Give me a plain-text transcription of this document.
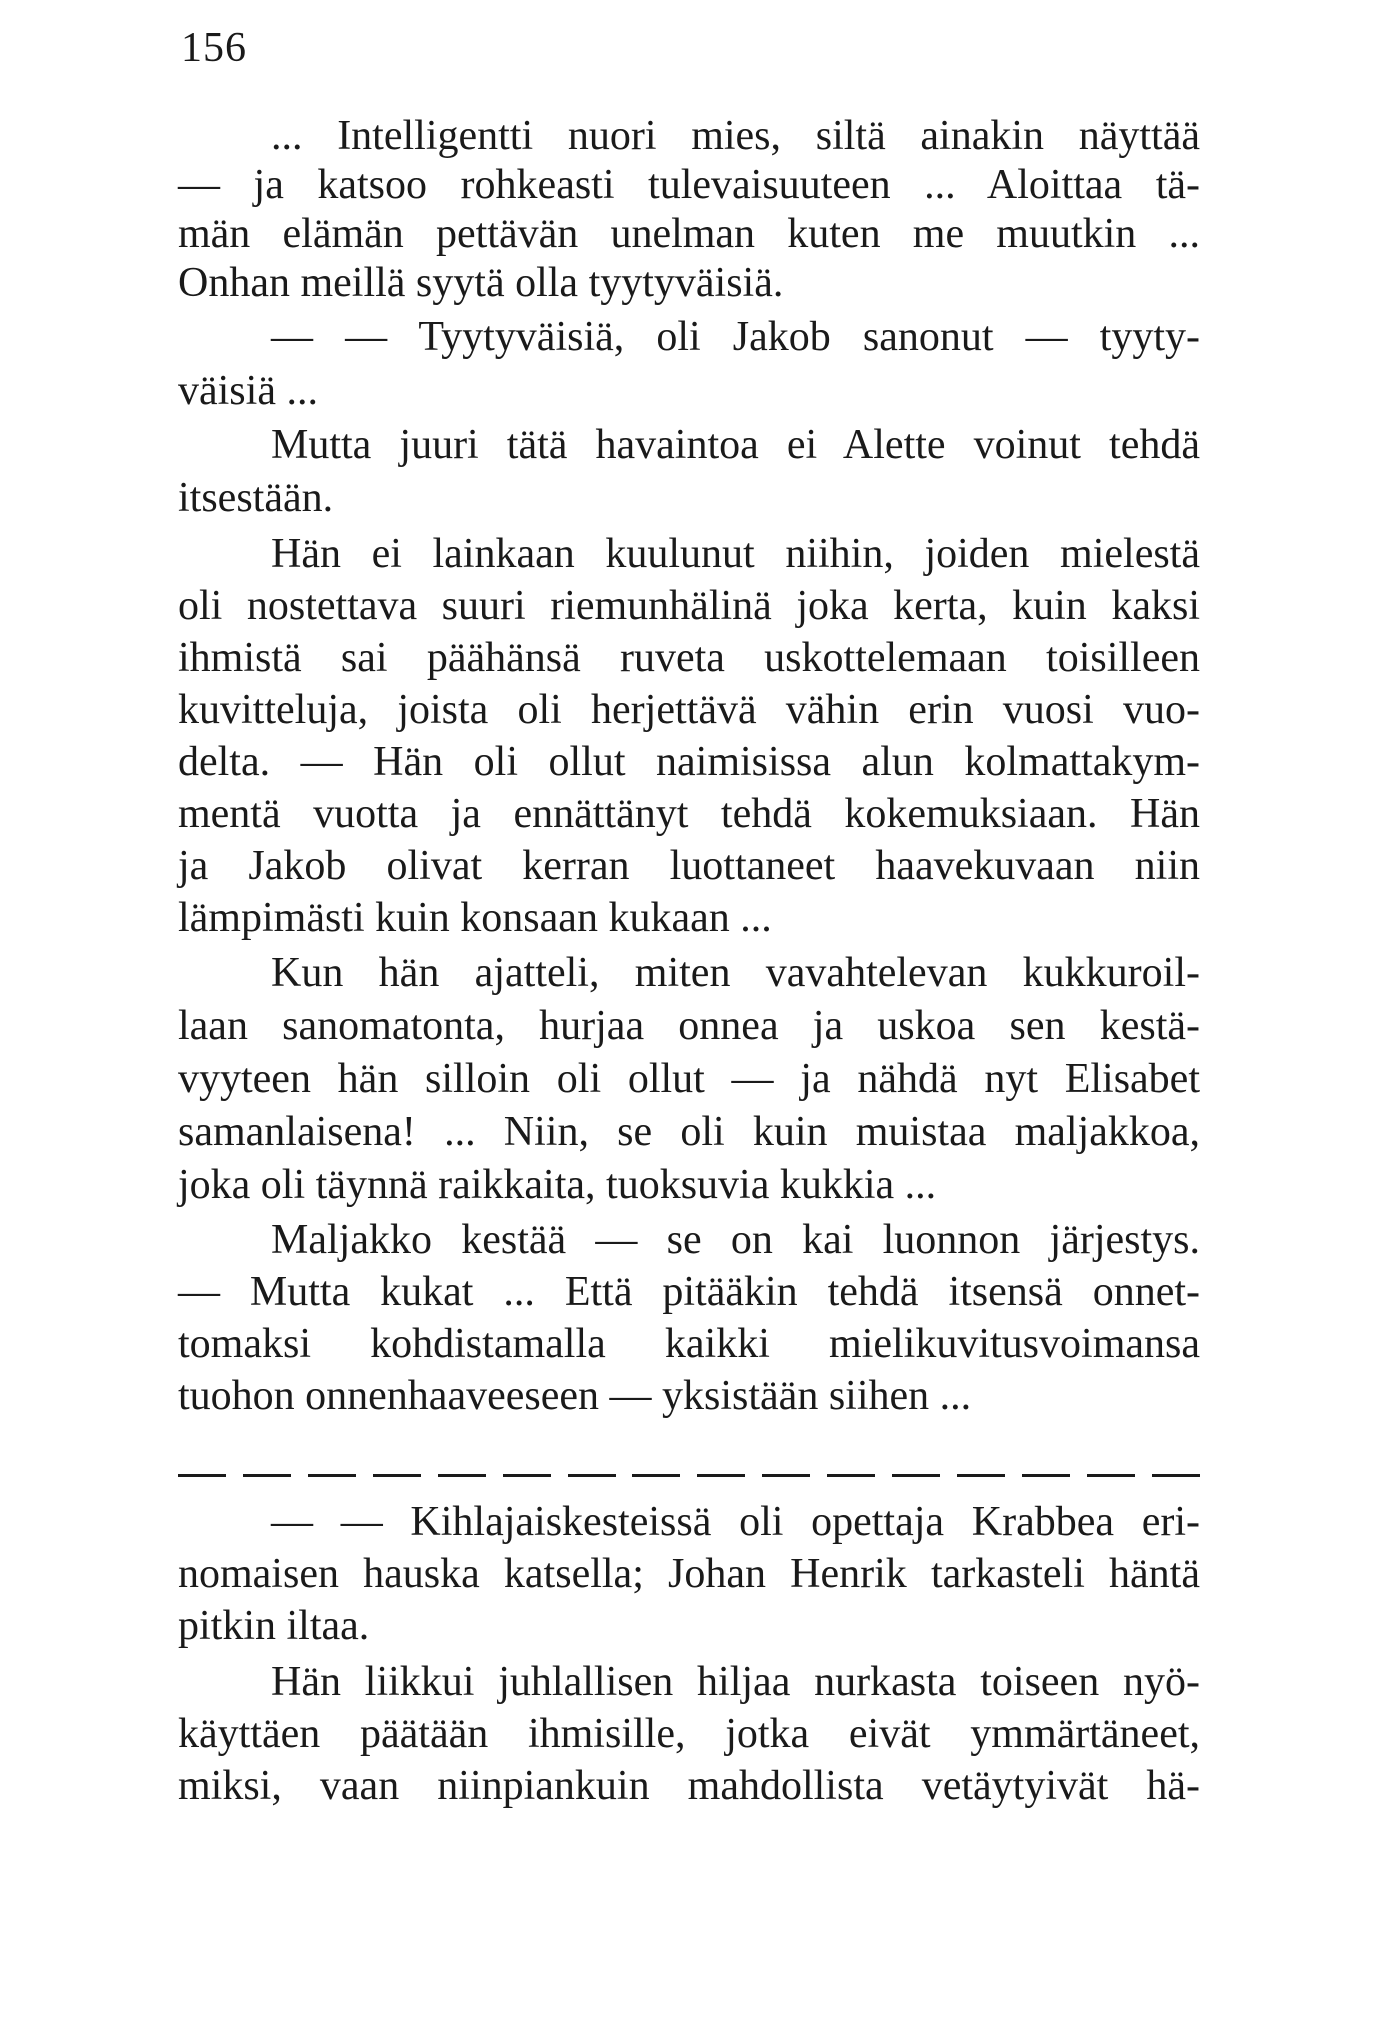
156
... Intelligentti nuori mies, siltä ainakin näyttää
— ja katsoo rohkeasti tulevaisuuteen ... Aloittaa tä-
män elämän pettävän unelman kuten me muutkin ...
Onhan meillä syytä olla tyytyväisiä.
— — Tyytyväisiä, oli Jakob sanonut — tyyty-
väisiä ...
Mutta juuri tätä havaintoa ei Alette voinut tehdä
itsestään.
Hän ei lainkaan kuulunut niihin, joiden mielestä
oli nostettava suuri riemunhälinä joka kerta, kuin kaksi
ihmistä sai päähänsä ruveta uskottelemaan toisilleen
kuvitteluja, joista oli herjettävä vähin erin vuosi vuo-
delta. — Hän oli ollut naimisissa alun kolmattakym-
mentä vuotta ja ennättänyt tehdä kokemuksiaan. Hän
ja Jakob olivat kerran luottaneet haavekuvaan niin
lämpimästi kuin konsaan kukaan ...
Kun hän ajatteli, miten vavahtelevan kukkuroil-
laan sanomatonta, hurjaa onnea ja uskoa sen kestä-
vyyteen hän silloin oli ollut — ja nähdä nyt Elisabet
samanlaisena! ... Niin, se oli kuin muistaa maljakkoa,
joka oli täynnä raikkaita, tuoksuvia kukkia ...
Maljakko kestää — se on kai luonnon järjestys.
— Mutta kukat ... Että pitääkin tehdä itsensä onnet-
tomaksi kohdistamalla kaikki mielikuvitusvoimansa
tuohon onnenhaaveeseen — yksistään siihen ...
— — Kihlajaiskesteissä oli opettaja Krabbea eri-
nomaisen hauska katsella; Johan Henrik tarkasteli häntä
pitkin iltaa.
Hän liikkui juhlallisen hiljaa nurkasta toiseen nyö-
käyttäen päätään ihmisille, jotka eivät ymmärtäneet,
miksi, vaan niinpiankuin mahdollista vetäytyivät hä-
